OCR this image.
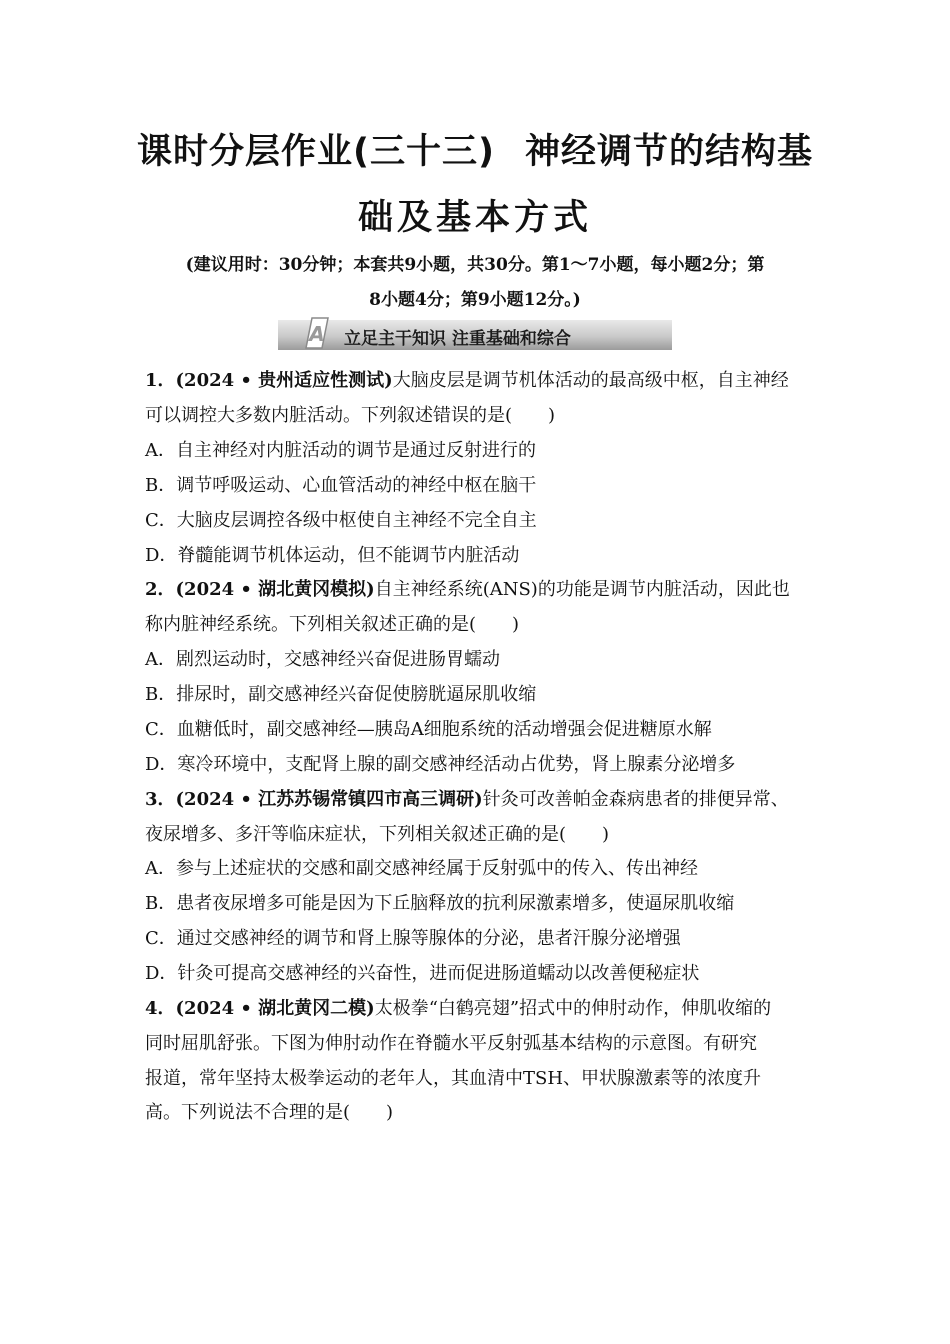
课时分层作业(三十三) 神经调节的结构基
础及基本方式
(建议用时：30分钟；本套共9小题，共30分。第1～7小题，每小题2分；第
8小题4分；第9小题12分。)
A 立足主干知识 注重基础和综合
1．(2024 • 贵州适应性测试)大脑皮层是调节机体活动的最高级中枢，自主神经
可以调控大多数内脏活动。下列叙述错误的是(　　)
A．自主神经对内脏活动的调节是通过反射进行的
B．调节呼吸运动、心血管活动的神经中枢在脑干
C．大脑皮层调控各级中枢使自主神经不完全自主
D．脊髓能调节机体运动，但不能调节内脏活动
2．(2024 • 湖北黄冈模拟)自主神经系统(ANS)的功能是调节内脏活动，因此也
称内脏神经系统。下列相关叙述正确的是(　　)
A．剧烈运动时，交感神经兴奋促进肠胃蠕动
B．排尿时，副交感神经兴奋促使膀胱逼尿肌收缩
C．血糖低时，副交感神经—胰岛A细胞系统的活动增强会促进糖原水解
D．寒冷环境中，支配肾上腺的副交感神经活动占优势，肾上腺素分泌增多
3．(2024 • 江苏苏锡常镇四市高三调研)针灸可改善帕金森病患者的排便异常、
夜尿增多、多汗等临床症状，下列相关叙述正确的是(　　)
A．参与上述症状的交感和副交感神经属于反射弧中的传入、传出神经
B．患者夜尿增多可能是因为下丘脑释放的抗利尿激素增多，使逼尿肌收缩
C．通过交感神经的调节和肾上腺等腺体的分泌，患者汗腺分泌增强
D．针灸可提高交感神经的兴奋性，进而促进肠道蠕动以改善便秘症状
4．(2024 • 湖北黄冈二模)太极拳“白鹤亮翅”招式中的伸肘动作，伸肌收缩的
同时屈肌舒张。下图为伸肘动作在脊髓水平反射弧基本结构的示意图。有研究
报道，常年坚持太极拳运动的老年人，其血清中TSH、甲状腺激素等的浓度升
高。下列说法不合理的是(　　)
